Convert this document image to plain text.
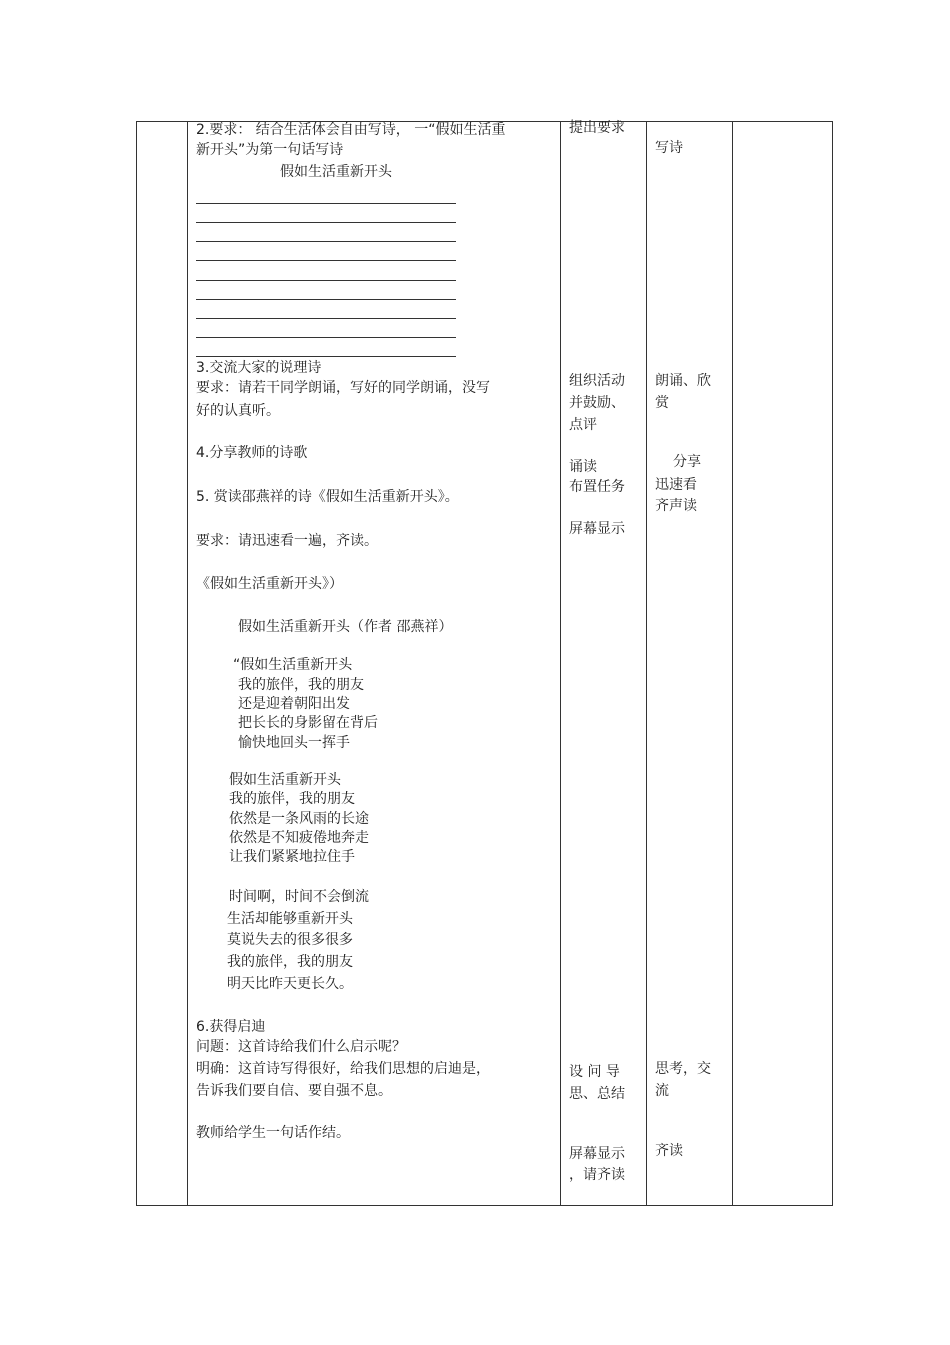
2.要求： 结合生活体会自由写诗， 一“假如生活重
新开头”为第一句话写诗
假如生活重新开头
3.交流大家的说理诗
要求：请若干同学朗诵，写好的同学朗诵，没写
好的认真听。
4.分享教师的诗歌
5. 赏读邵燕祥的诗《假如生活重新开头》。
要求：请迅速看一遍，齐读。
《假如生活重新开头》）
假如生活重新开头（作者 邵燕祥）
“假如生活重新开头
我的旅伴，我的朋友
还是迎着朝阳出发
把长长的身影留在背后
愉快地回头一挥手
假如生活重新开头
我的旅伴，我的朋友
依然是一条风雨的长途
依然是不知疲倦地奔走
让我们紧紧地拉住手
时间啊，时间不会倒流
生活却能够重新开头
莫说失去的很多很多
我的旅伴，我的朋友
明天比昨天更长久。
6.获得启迪
问题：这首诗给我们什么启示呢？
明确：这首诗写得很好，给我们思想的启迪是，
告诉我们要自信、要自强不息。
教师给学生一句话作结。
提出要求
组织活动
并鼓励、
点评
诵读
布置任务
屏幕显示
设 问 导
思、总结
屏幕显示
，请齐读
写诗
朗诵、欣
赏
分享
迅速看
齐声读
思考，交
流
齐读
